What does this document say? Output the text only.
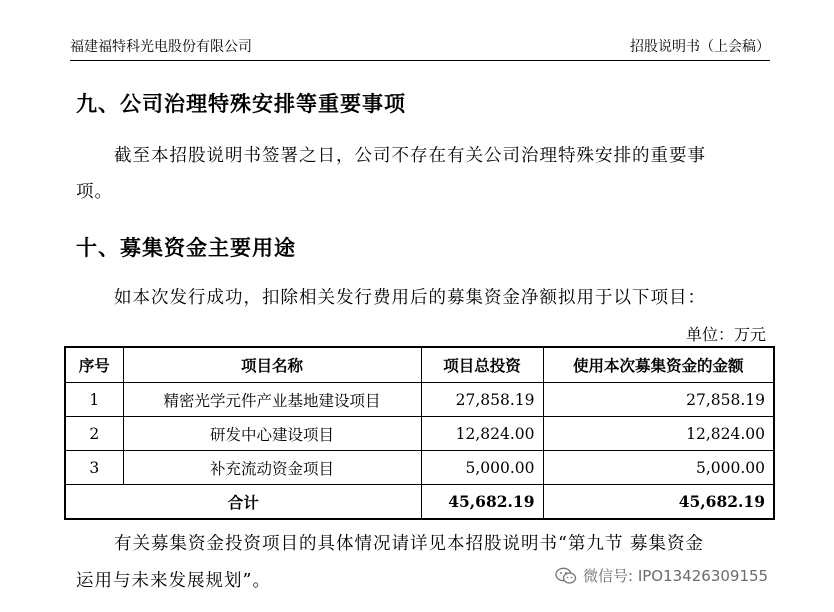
福建福特科光电股份有限公司	招股说明书（上会稿）
九、公司治理特殊安排等重要事项
截至本招股说明书签署之日，公司不存在有关公司治理特殊安排的重要事
项。
十、募集资金主要用途
如本次发行成功，扣除相关发行费用后的募集资金净额拟用于以下项目：
单位：万元
序号	项目名称	项目总投资	使用本次募集资金的金额
1	精密光学元件产业基地建设项目	27,858.19	27,858.19
2	研发中心建设项目	12,824.00	12,824.00
3	补充流动资金项目	5,000.00	5,000.00
合计		45,682.19	45,682.19
有关募集资金投资项目的具体情况请详见本招股说明书“第九节 募集资金
运用与未来发展规划”。	微信号: IPO13426309155
